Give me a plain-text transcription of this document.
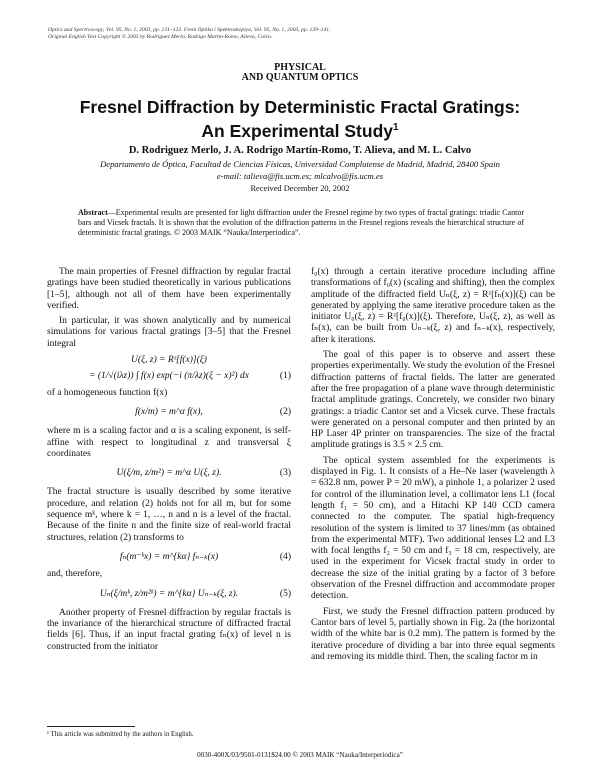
Optics and Spectroscopy, Vol. 95, No. 1, 2003, pp. 131–133. From Optika i Spektroskopiya, Vol. 95, No. 1, 2003, pp. 139–141.
Original English Text Copyright © 2003 by Rodriguez Merlo, Rodrigo Martín-Romo, Alieva, Calvo.
PHYSICAL
AND QUANTUM OPTICS
Fresnel Diffraction by Deterministic Fractal Gratings:
An Experimental Study$^1$
D. Rodriguez Merlo, J. A. Rodrigo Martín-Romo, T. Alieva, and M. L. Calvo
Departamento de Óptica, Facultad de Ciencias Físicas, Universidad Complutense de Madrid, Madrid, 28400 Spain
e-mail: talieva@fis.ucm.es; mlcalvo@fis.ucm.es
Received December 20, 2002
Abstract—Experimental results are presented for light diffraction under the Fresnel regime by two types of fractal gratings: triadic Cantor bars and Vicsek fractals. It is shown that the evolution of the diffraction patterns in the Fresnel regions reveals the hierarchical structure of deterministic fractal gratings. © 2003 MAIK “Nauka/Interperiodica”.

The main properties of Fresnel diffraction by regular fractal gratings have been studied theoretically in various publications [1–5], although not all of them have been experimentally verified.

In particular, it was shown analytically and by numerical simulations for various fractal gratings [3–5] that the Fresnel integral

U(ξ, z) = Rᶻ[f(x)](ξ)
= (1/√(iλz)) ∫ f(x) exp(−i (π/λz)(ξ − x)²) dx	(1)

of a homogeneous function f(x)

f(x/m) = m^α f(x),	(2)

where m is a scaling factor and α is a scaling exponent, is self-affine with respect to longitudinal z and transversal ξ coordinates

U(ξ/m, z/m²) = m^α U(ξ, z).	(3)

The fractal structure is usually described by some iterative procedure, and relation (2) holds not for all m, but for some sequence mᵏ, where k = 1, …, n and n is a level of the fractal. Because of the finite n and the finite size of real-world fractal structures, relation (2) transforms to

fₙ(m⁻ᵏx) = m^{kα} fₙ₋ₖ(x)	(4)

and, therefore,

Uₙ(ξ/mᵏ, z/m²ᵏ) = m^{kα} Uₙ₋ₖ(ξ, z).	(5)

Another property of Fresnel diffraction by regular fractals is the invariance of the hierarchical structure of diffracted fractal fields [6]. Thus, if an input fractal grating fₙ(x) of level n is constructed from the initiator

f₀(x) through a certain iterative procedure including affine transformations of f₀(x) (scaling and shifting), then the complex amplitude of the diffracted field Uₙ(ξ, z) = Rᶻ[fₙ(x)](ξ) can be generated by applying the same iterative procedure taken as the initiator U₀(ξ, z) = Rᶻ[f₀(x)](ξ). Therefore, Uₙ(ξ, z), as well as fₙ(x), can be built from Uₙ₋ₖ(ξ, z) and fₙ₋ₖ(x), respectively, after k iterations.

The goal of this paper is to observe and assert these properties experimentally. We study the evolution of the Fresnel diffraction patterns of fractal fields. The latter are generated after the free propagation of a plane wave through deterministic fractal amplitude gratings. Concretely, we consider two binary gratings: a triadic Cantor set and a Vicsek curve. These fractals were generated on a personal computer and then printed by an HP Laser 4P printer on transparencies. The size of the fractal amplitude gratings is 3.5 × 2.5 cm.

The optical system assembled for the experiments is displayed in Fig. 1. It consists of a He–Ne laser (wavelength λ = 632.8 nm, power P = 20 mW), a pinhole 1, a polarizer 2 used for control of the illumination level, a collimator lens L1 (focal length f₁ = 50 cm), and a Hitachi KP 140 CCD camera connected to the computer. The spatial high-frequency resolution of the system is limited to 37 lines/mm (as obtained from the experimental MTF). Two additional lenses L2 and L3 with focal lengths f₂ = 50 cm and f₃ = 18 cm, respectively, are used in the experiment for Vicsek fractal study in order to decrease the size of the initial grating by a factor of 3 before observation of the Fresnel diffraction and accommodate proper detection.

First, we study the Fresnel diffraction pattern produced by Cantor bars of level 5, partially shown in Fig. 2a (the horizontal width of the white bar is 0.2 mm). The pattern is formed by the iterative procedure of dividing a bar into three equal segments and removing its middle third. Then, the scaling factor m in

¹ This article was submitted by the authors in English.
0030-400X/03/9501-0131$24.00 © 2003 MAIK “Nauka/Interperiodica”
